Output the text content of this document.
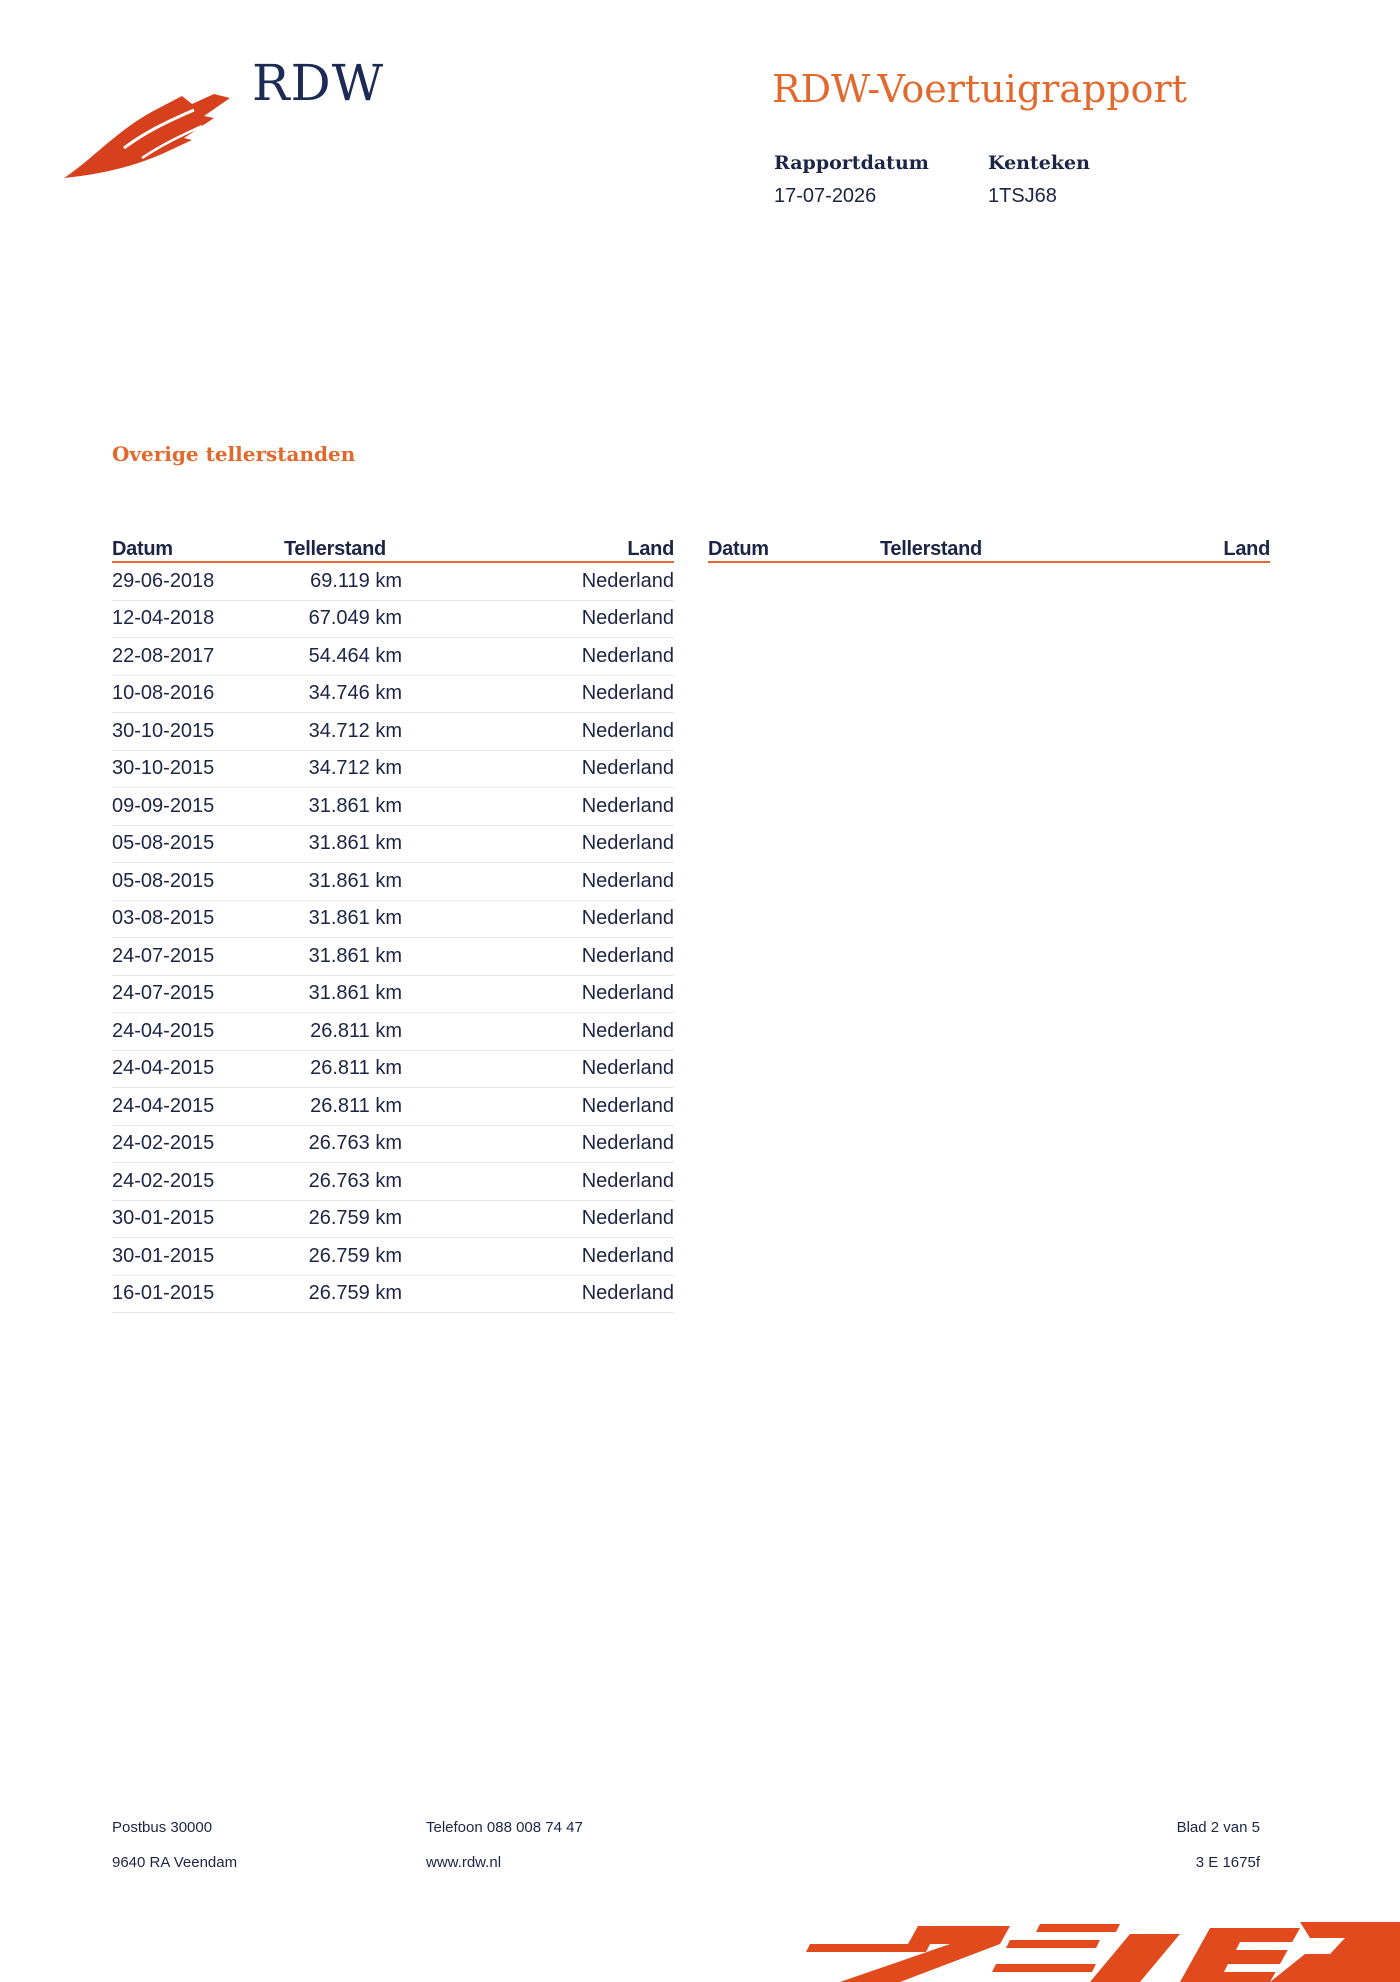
RDW	RDW-Voertuigrapport
Rapportdatum
17-07-2026
Kenteken
1TSJ68
Overige tellerstanden
Datum	Tellerstand	Land
29-06-2018	69.119 km	Nederland
12-04-2018	67.049 km	Nederland
22-08-2017	54.464 km	Nederland
10-08-2016	34.746 km	Nederland
30-10-2015	34.712 km	Nederland
30-10-2015	34.712 km	Nederland
09-09-2015	31.861 km	Nederland
05-08-2015	31.861 km	Nederland
05-08-2015	31.861 km	Nederland
03-08-2015	31.861 km	Nederland
24-07-2015	31.861 km	Nederland
24-07-2015	31.861 km	Nederland
24-04-2015	26.811 km	Nederland
24-04-2015	26.811 km	Nederland
24-04-2015	26.811 km	Nederland
24-02-2015	26.763 km	Nederland
24-02-2015	26.763 km	Nederland
30-01-2015	26.759 km	Nederland
30-01-2015	26.759 km	Nederland
16-01-2015	26.759 km	Nederland
Datum	Tellerstand	Land
Postbus 30000
9640 RA Veendam
Telefoon 088 008 74 47
www.rdw.nl
Blad 2 van 5
3 E 1675f
